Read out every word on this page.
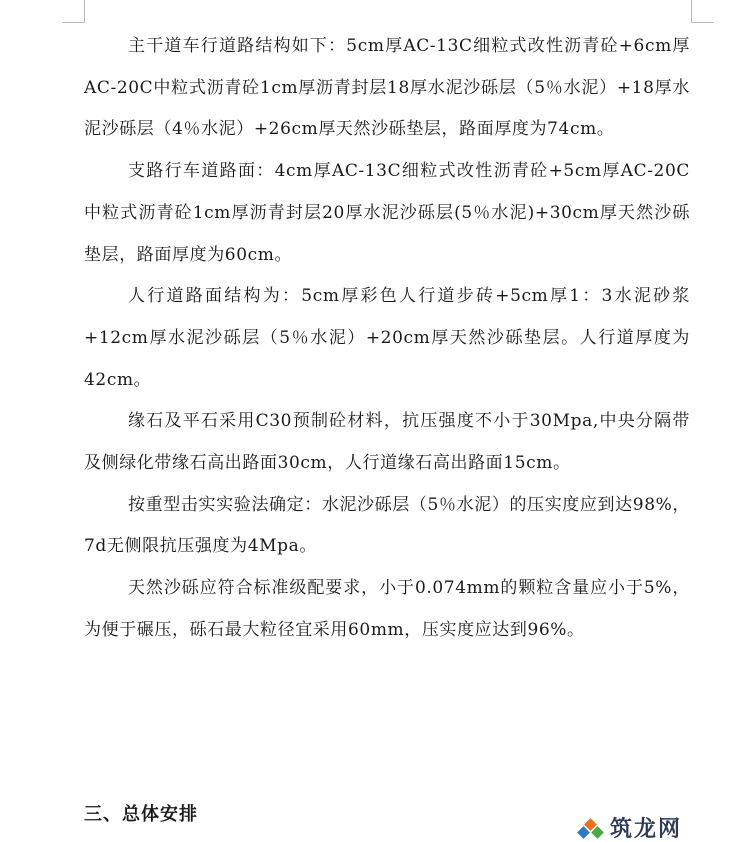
主干道车行道路结构如下：5cm厚AC-13C细粒式改性沥青砼+6cm厚AC-20C中粒式沥青砼1cm厚沥青封层18厚水泥沙砾层（5％水泥）+18厚水泥沙砾层（4％水泥）+26cm厚天然沙砾垫层，路面厚度为74cm。

支路行车道路面：4cm厚AC-13C细粒式改性沥青砼+5cm厚AC-20C中粒式沥青砼1cm厚沥青封层20厚水泥沙砾层(5％水泥)+30cm厚天然沙砾垫层，路面厚度为60cm。

人行道路面结构为：5cm厚彩色人行道步砖+5cm厚1：3水泥砂浆+12cm厚水泥沙砾层（5％水泥）+20cm厚天然沙砾垫层。人行道厚度为42cm。

缘石及平石采用C30预制砼材料，抗压强度不小于30Mpa,中央分隔带及侧绿化带缘石高出路面30cm，人行道缘石高出路面15cm。

按重型击实实验法确定：水泥沙砾层（5％水泥）的压实度应到达98%，7d无侧限抗压强度为4Mpa。

天然沙砾应符合标准级配要求，小于0.074mm的颗粒含量应小于5%，为便于碾压，砾石最大粒径宜采用60mm，压实度应达到96%。

三、总体安排
筑龙网
